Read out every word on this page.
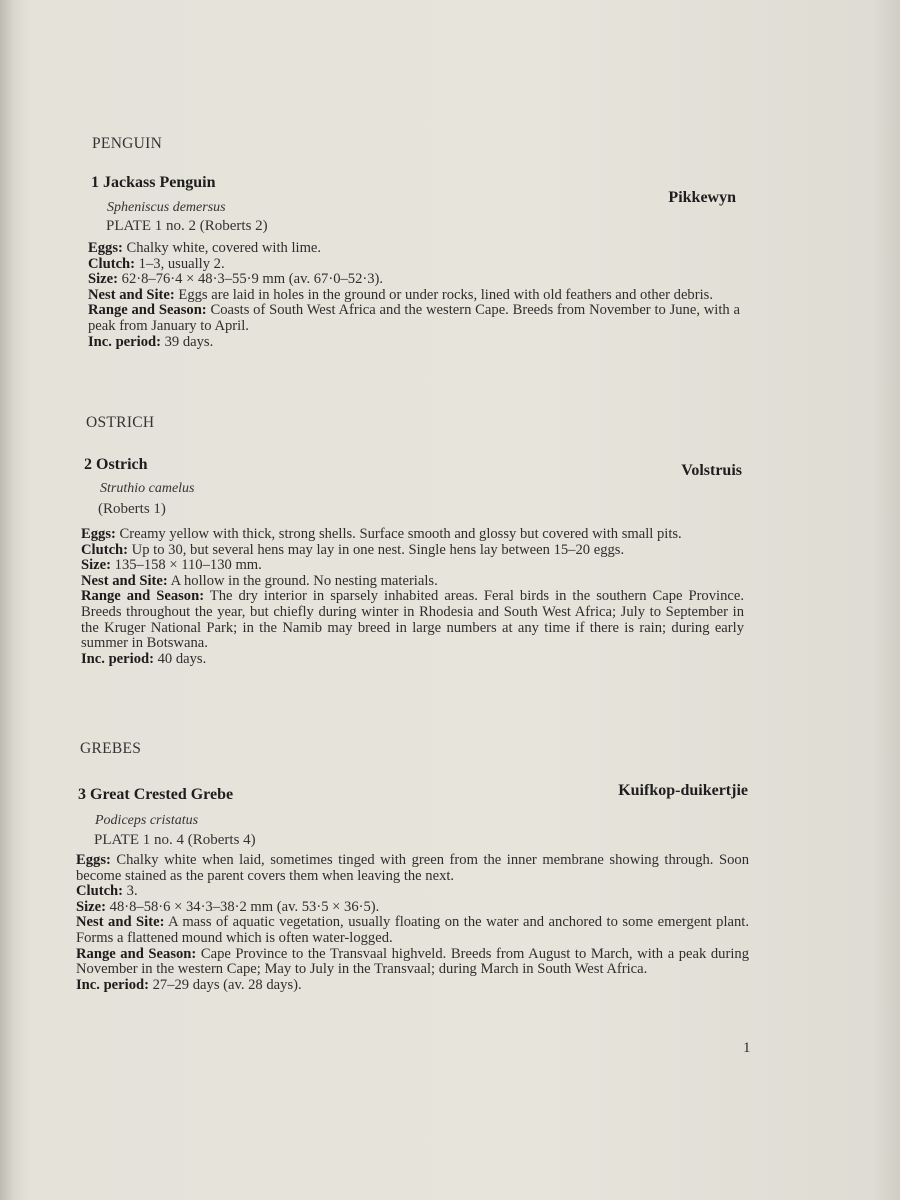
PENGUIN
1 Jackass Penguin
Pikkewyn
Spheniscus demersus
PLATE 1 no. 2 (Roberts 2)

Eggs: Chalky white, covered with lime.

Clutch: 1–3, usually 2.

Size: 62·8–76·4 × 48·3–55·9 mm (av. 67·0–52·3).

Nest and Site: Eggs are laid in holes in the ground or under rocks, lined with old feathers and other debris.

Range and Season: Coasts of South West Africa and the western Cape. Breeds from November to June, with a peak from January to April.

Inc. period: 39 days.

OSTRICH
2 Ostrich	Volstruis
Struthio camelus
(Roberts 1)

Eggs: Creamy yellow with thick, strong shells. Surface smooth and glossy but covered with small pits.

Clutch: Up to 30, but several hens may lay in one nest. Single hens lay between 15–20 eggs.

Size: 135–158 × 110–130 mm.

Nest and Site: A hollow in the ground. No nesting materials.

Range and Season: The dry interior in sparsely inhabited areas. Feral birds in the southern Cape Province. Breeds throughout the year, but chiefly during winter in Rhodesia and South West Africa; July to September in the Kruger National Park; in the Namib may breed in large numbers at any time if there is rain; during early summer in Botswana.

Inc. period: 40 days.

GREBES
3 Great Crested Grebe	Kuifkop-duikertjie
Podiceps cristatus
PLATE 1 no. 4 (Roberts 4)

Eggs: Chalky white when laid, sometimes tinged with green from the inner membrane showing through. Soon become stained as the parent covers them when leaving the next.

Clutch: 3.

Size: 48·8–58·6 × 34·3–38·2 mm (av. 53·5 × 36·5).

Nest and Site: A mass of aquatic vegetation, usually floating on the water and anchored to some emergent plant. Forms a flattened mound which is often water-logged.

Range and Season: Cape Province to the Transvaal highveld. Breeds from August to March, with a peak during November in the western Cape; May to July in the Transvaal; during March in South West Africa.

Inc. period: 27–29 days (av. 28 days).

1
